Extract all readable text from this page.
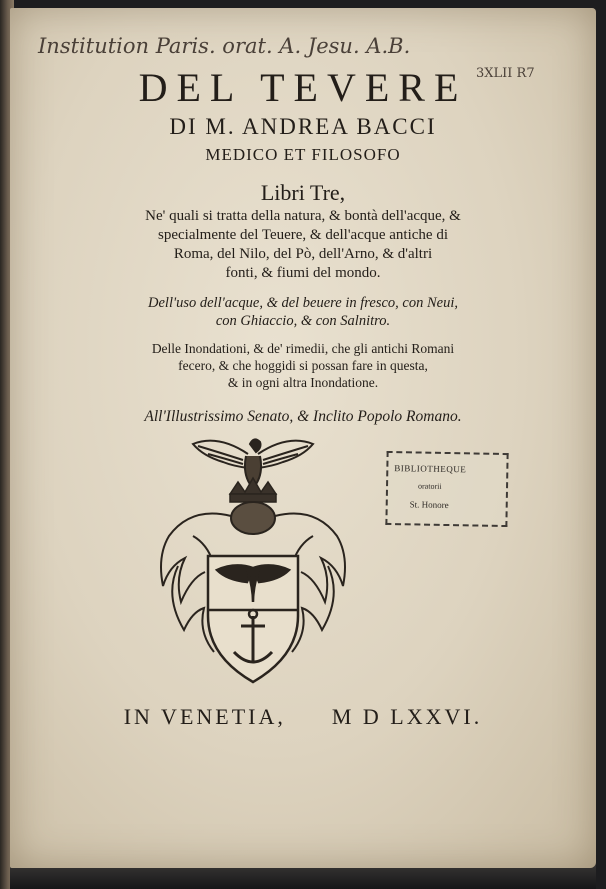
Institution Paris. orat. A. Jesu. A.B.
3XLII R7
DEL TEVERE
DI M. ANDREA BACCI
MEDICO ET FILOSOFO
Libri Tre,
Ne' quali si tratta della natura, & bontà dell'acque, &
specialmente del Teuere, & dell'acque antiche di
Roma, del Nilo, del Pò, dell'Arno, & d'altri
fonti, & fiumi del mondo.
Dell'uso dell'acque, & del beuere in fresco, con Neui,
con Ghiaccio, & con Salnitro.
Delle Inondationi, & de' rimedii, che gli antichi Romani
fecero, & che hoggidi si possan fare in questa,
& in ogni altra Inondatione.
All'Illustrissimo Senato, & Inclito Popolo Romano.
BIBLIOTHEQUE
oratorii
St. Honore
IN VENETIA, M D LXXVI.
